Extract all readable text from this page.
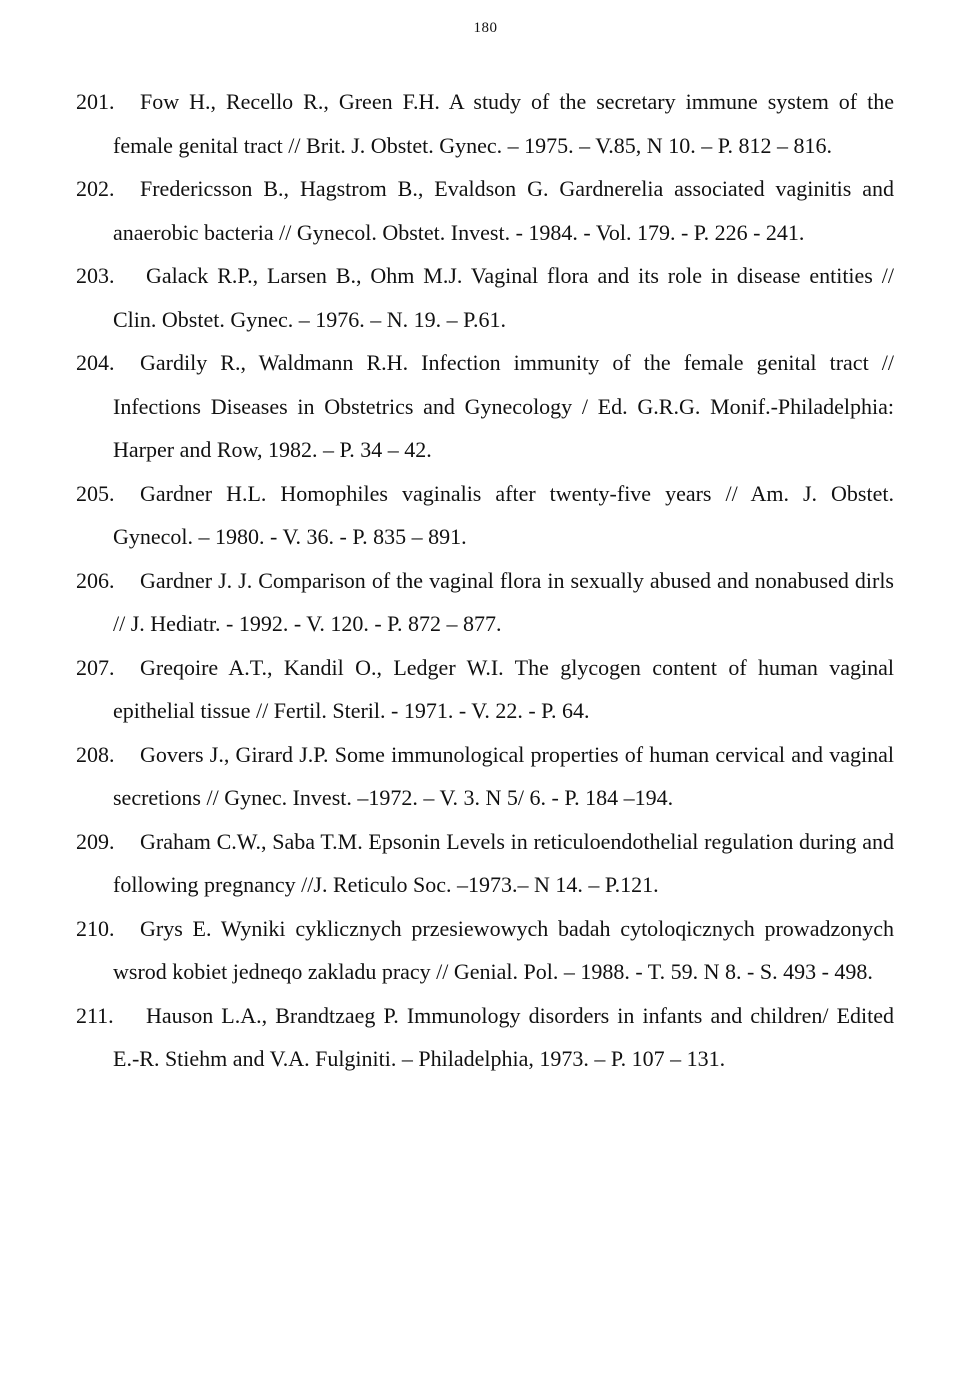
180

201.	Fow H., Recello R., Green F.H. A study of the secretary immune system of the female genital tract // Brit. J. Obstet. Gynec. – 1975. – V.85, N 10. – P. 812 – 816.

202.	Fredericsson B., Hagstrom B., Evaldson G. Gardnerelia associated vaginitis and anaerobic bacteria // Gynecol. Obstet. Invest. - 1984. - Vol. 179. - P. 226 - 241.

203.	Galack R.P., Larsen B., Ohm M.J. Vaginal flora and its role in disease entities // Clin. Obstet. Gynec. – 1976. – N. 19. – P.61.

204.	Gardily R., Waldmann R.H. Infection immunity of the female genital tract // Infections Diseases in Obstetrics and Gynecology / Ed. G.R.G. Monif.-Philadelphia: Harper and Row, 1982. – P. 34 – 42.

205.	Gardner H.L. Homophiles vaginalis after twenty-five years // Am. J. Obstet. Gynecol. – 1980. - V. 36. - P. 835 – 891.

206.	Gardner J. J. Comparison of the vaginal flora in sexually abused and nonabused dirls // J. Hediatr. - 1992. - V. 120. - P. 872 – 877.

207.	Greqoire A.T., Kandil O., Ledger W.I. The glycogen content of human vaginal epithelial tissue // Fertil. Steril. - 1971. - V. 22. - P. 64.

208.	Govers J., Girard J.P. Some immunological properties of human cervical and vaginal secretions // Gynec. Invest. –1972. – V. 3. N 5/ 6. - P. 184 –194.

209.	Graham C.W., Saba T.M. Epsonin Levels in reticuloendothelial regulation during and following pregnancy //J. Reticulo Soc. –1973.– N 14. – P.121.

210.	Grys E. Wyniki cyklicznych przesiewowych badah cytoloqicznych prowadzonych wsrod kobiet jedneqo zakladu pracy // Genial. Pol. – 1988. - T. 59. N 8. - S. 493 - 498.

211.	Hauson L.A., Brandtzaeg P. Immunology disorders in infants and children/ Edited E.-R. Stiehm and V.A. Fulginiti. – Philadelphia, 1973. – P. 107 – 131.
